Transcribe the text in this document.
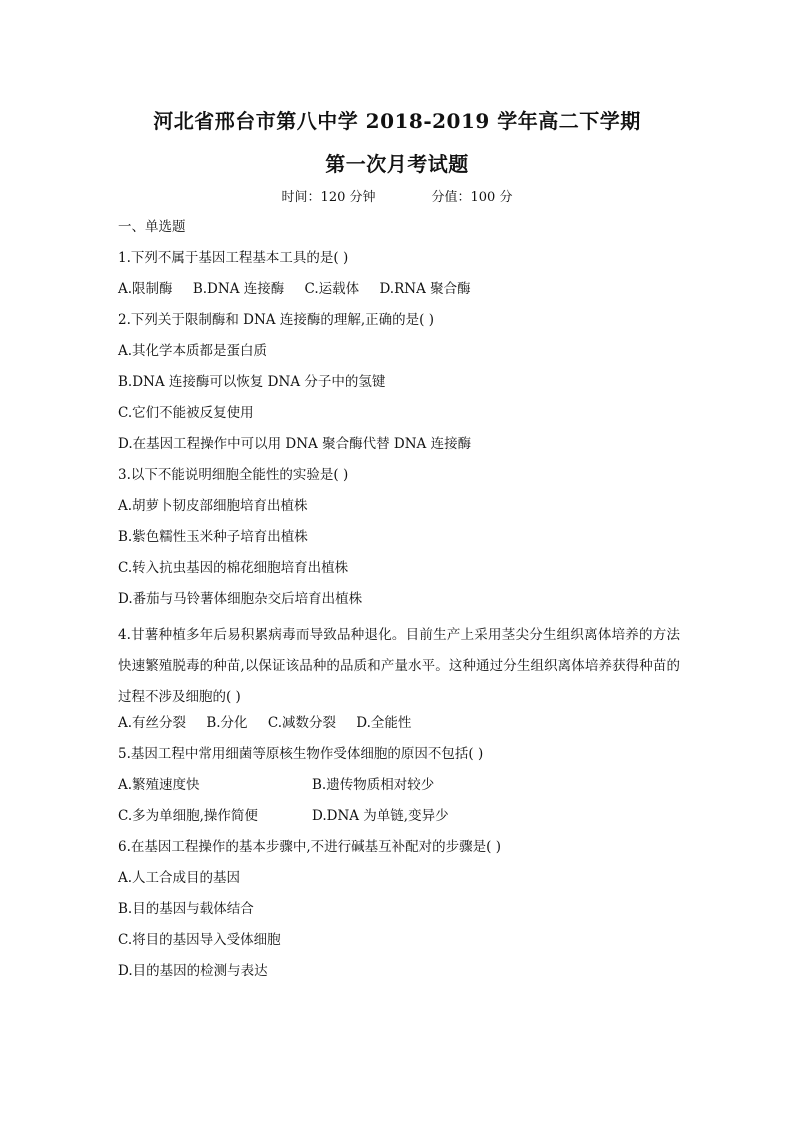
河北省邢台市第八中学 2018-2019 学年高二下学期
第一次月考试题
时间：120 分钟	分值：100 分
一、单选题
1.下列不属于基因工程基本工具的是( )
A.限制酶 B.DNA 连接酶 C.运载体 D.RNA 聚合酶
2.下列关于限制酶和 DNA 连接酶的理解,正确的是( )
A.其化学本质都是蛋白质
B.DNA 连接酶可以恢复 DNA 分子中的氢键
C.它们不能被反复使用
D.在基因工程操作中可以用 DNA 聚合酶代替 DNA 连接酶
3.以下不能说明细胞全能性的实验是( )
A.胡萝卜韧皮部细胞培育出植株
B.紫色糯性玉米种子培育出植株
C.转入抗虫基因的棉花细胞培育出植株
D.番茄与马铃薯体细胞杂交后培育出植株
4.甘薯种植多年后易积累病毒而导致品种退化。目前生产上采用茎尖分生组织离体培养的方法快速繁殖脱毒的种苗,以保证该品种的品质和产量水平。这种通过分生组织离体培养获得种苗的过程不涉及细胞的( )
A.有丝分裂 B.分化 C.减数分裂 D.全能性
5.基因工程中常用细菌等原核生物作受体细胞的原因不包括( )
A.繁殖速度快	B.遗传物质相对较少
C.多为单细胞,操作简便	D.DNA 为单链,变异少
6.在基因工程操作的基本步骤中,不进行碱基互补配对的步骤是( )
A.人工合成目的基因
B.目的基因与载体结合
C.将目的基因导入受体细胞
D.目的基因的检测与表达
